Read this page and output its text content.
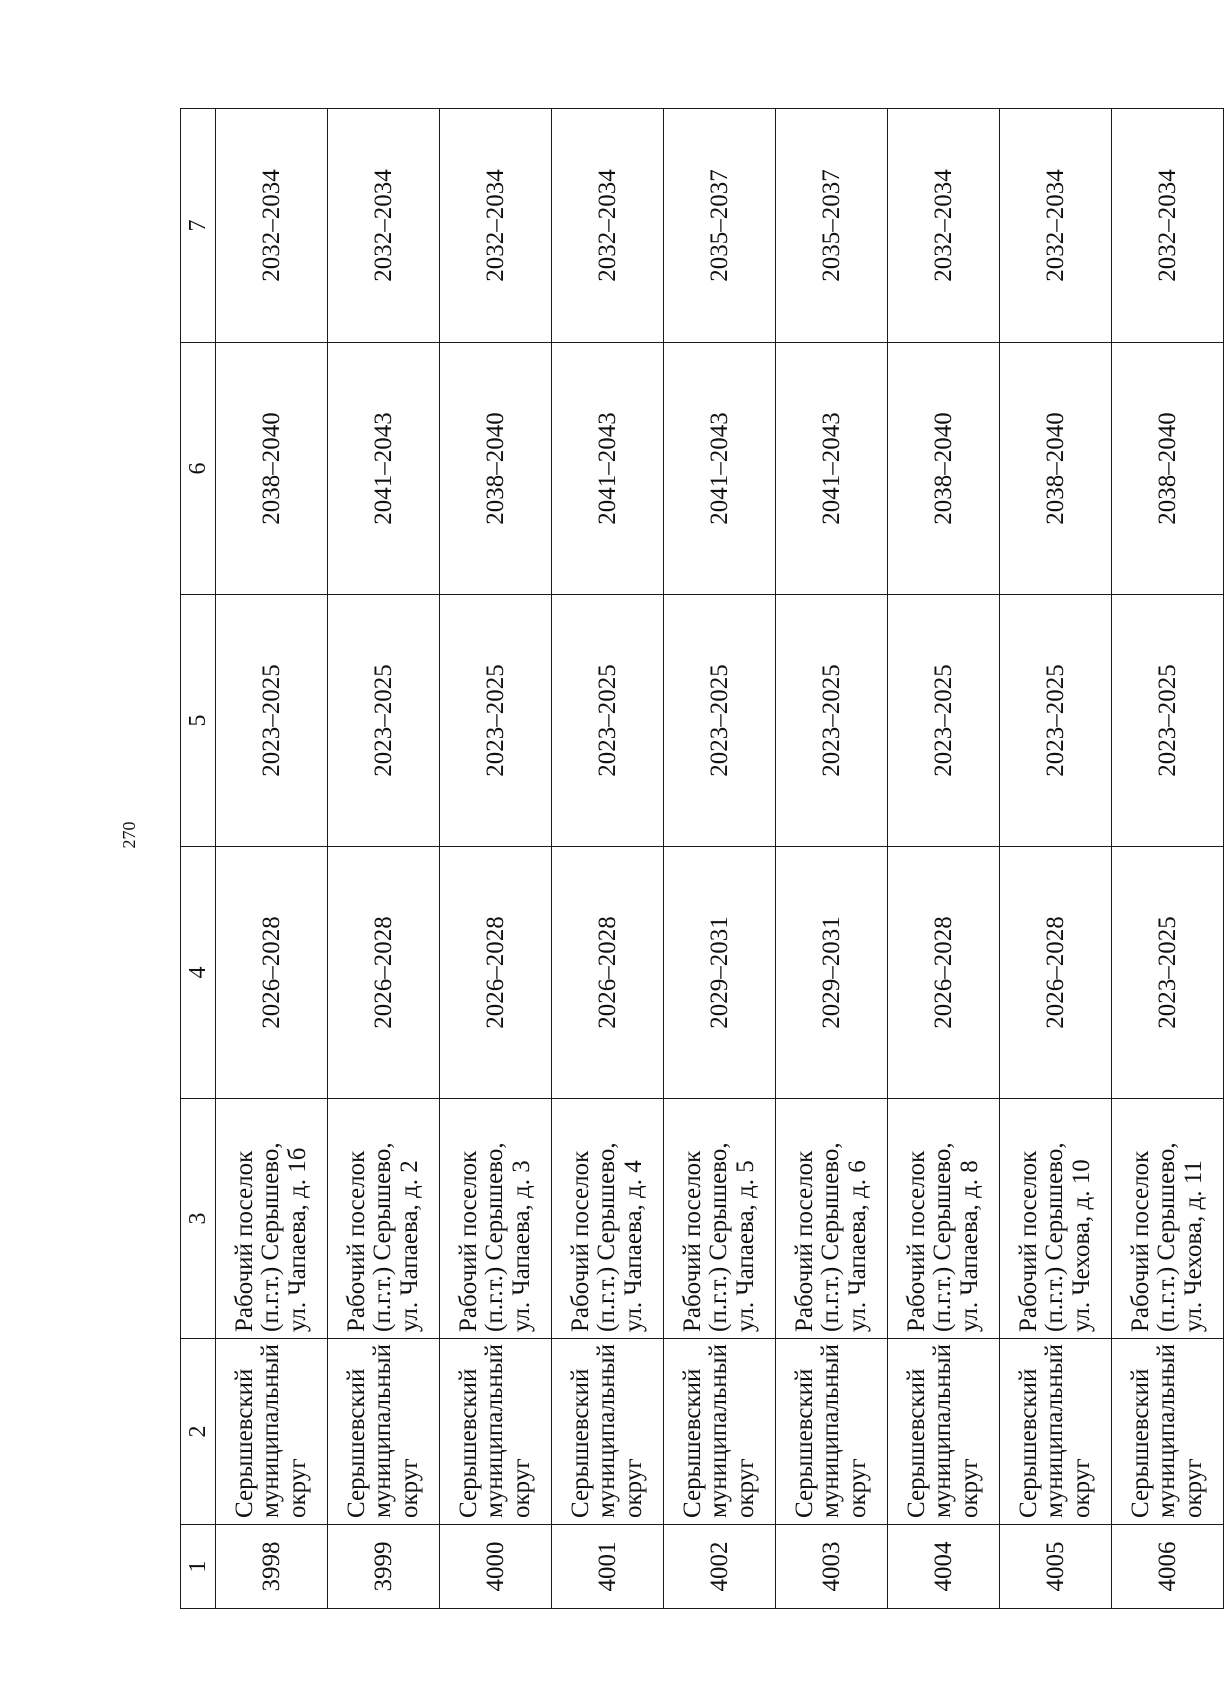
270
1	2	3	4	5	6	7
3998	Серышевский муниципальный округ	Рабочий поселок (п.г.т.) Серышево, ул. Чапаева, д. 1б	2026–2028	2023–2025	2038–2040	2032–2034
3999	Серышевский муниципальный округ	Рабочий поселок (п.г.т.) Серышево, ул. Чапаева, д. 2	2026–2028	2023–2025	2041–2043	2032–2034
4000	Серышевский муниципальный округ	Рабочий поселок (п.г.т.) Серышево, ул. Чапаева, д. 3	2026–2028	2023–2025	2038–2040	2032–2034
4001	Серышевский муниципальный округ	Рабочий поселок (п.г.т.) Серышево, ул. Чапаева, д. 4	2026–2028	2023–2025	2041–2043	2032–2034
4002	Серышевский муниципальный округ	Рабочий поселок (п.г.т.) Серышево, ул. Чапаева, д. 5	2029–2031	2023–2025	2041–2043	2035–2037
4003	Серышевский муниципальный округ	Рабочий поселок (п.г.т.) Серышево, ул. Чапаева, д. 6	2029–2031	2023–2025	2041–2043	2035–2037
4004	Серышевский муниципальный округ	Рабочий поселок (п.г.т.) Серышево, ул. Чапаева, д. 8	2026–2028	2023–2025	2038–2040	2032–2034
4005	Серышевский муниципальный округ	Рабочий поселок (п.г.т.) Серышево, ул. Чехова, д. 10	2026–2028	2023–2025	2038–2040	2032–2034
4006	Серышевский муниципальный округ	Рабочий поселок (п.г.т.) Серышево, ул. Чехова, д. 11	2023–2025	2023–2025	2038–2040	2032–2034
